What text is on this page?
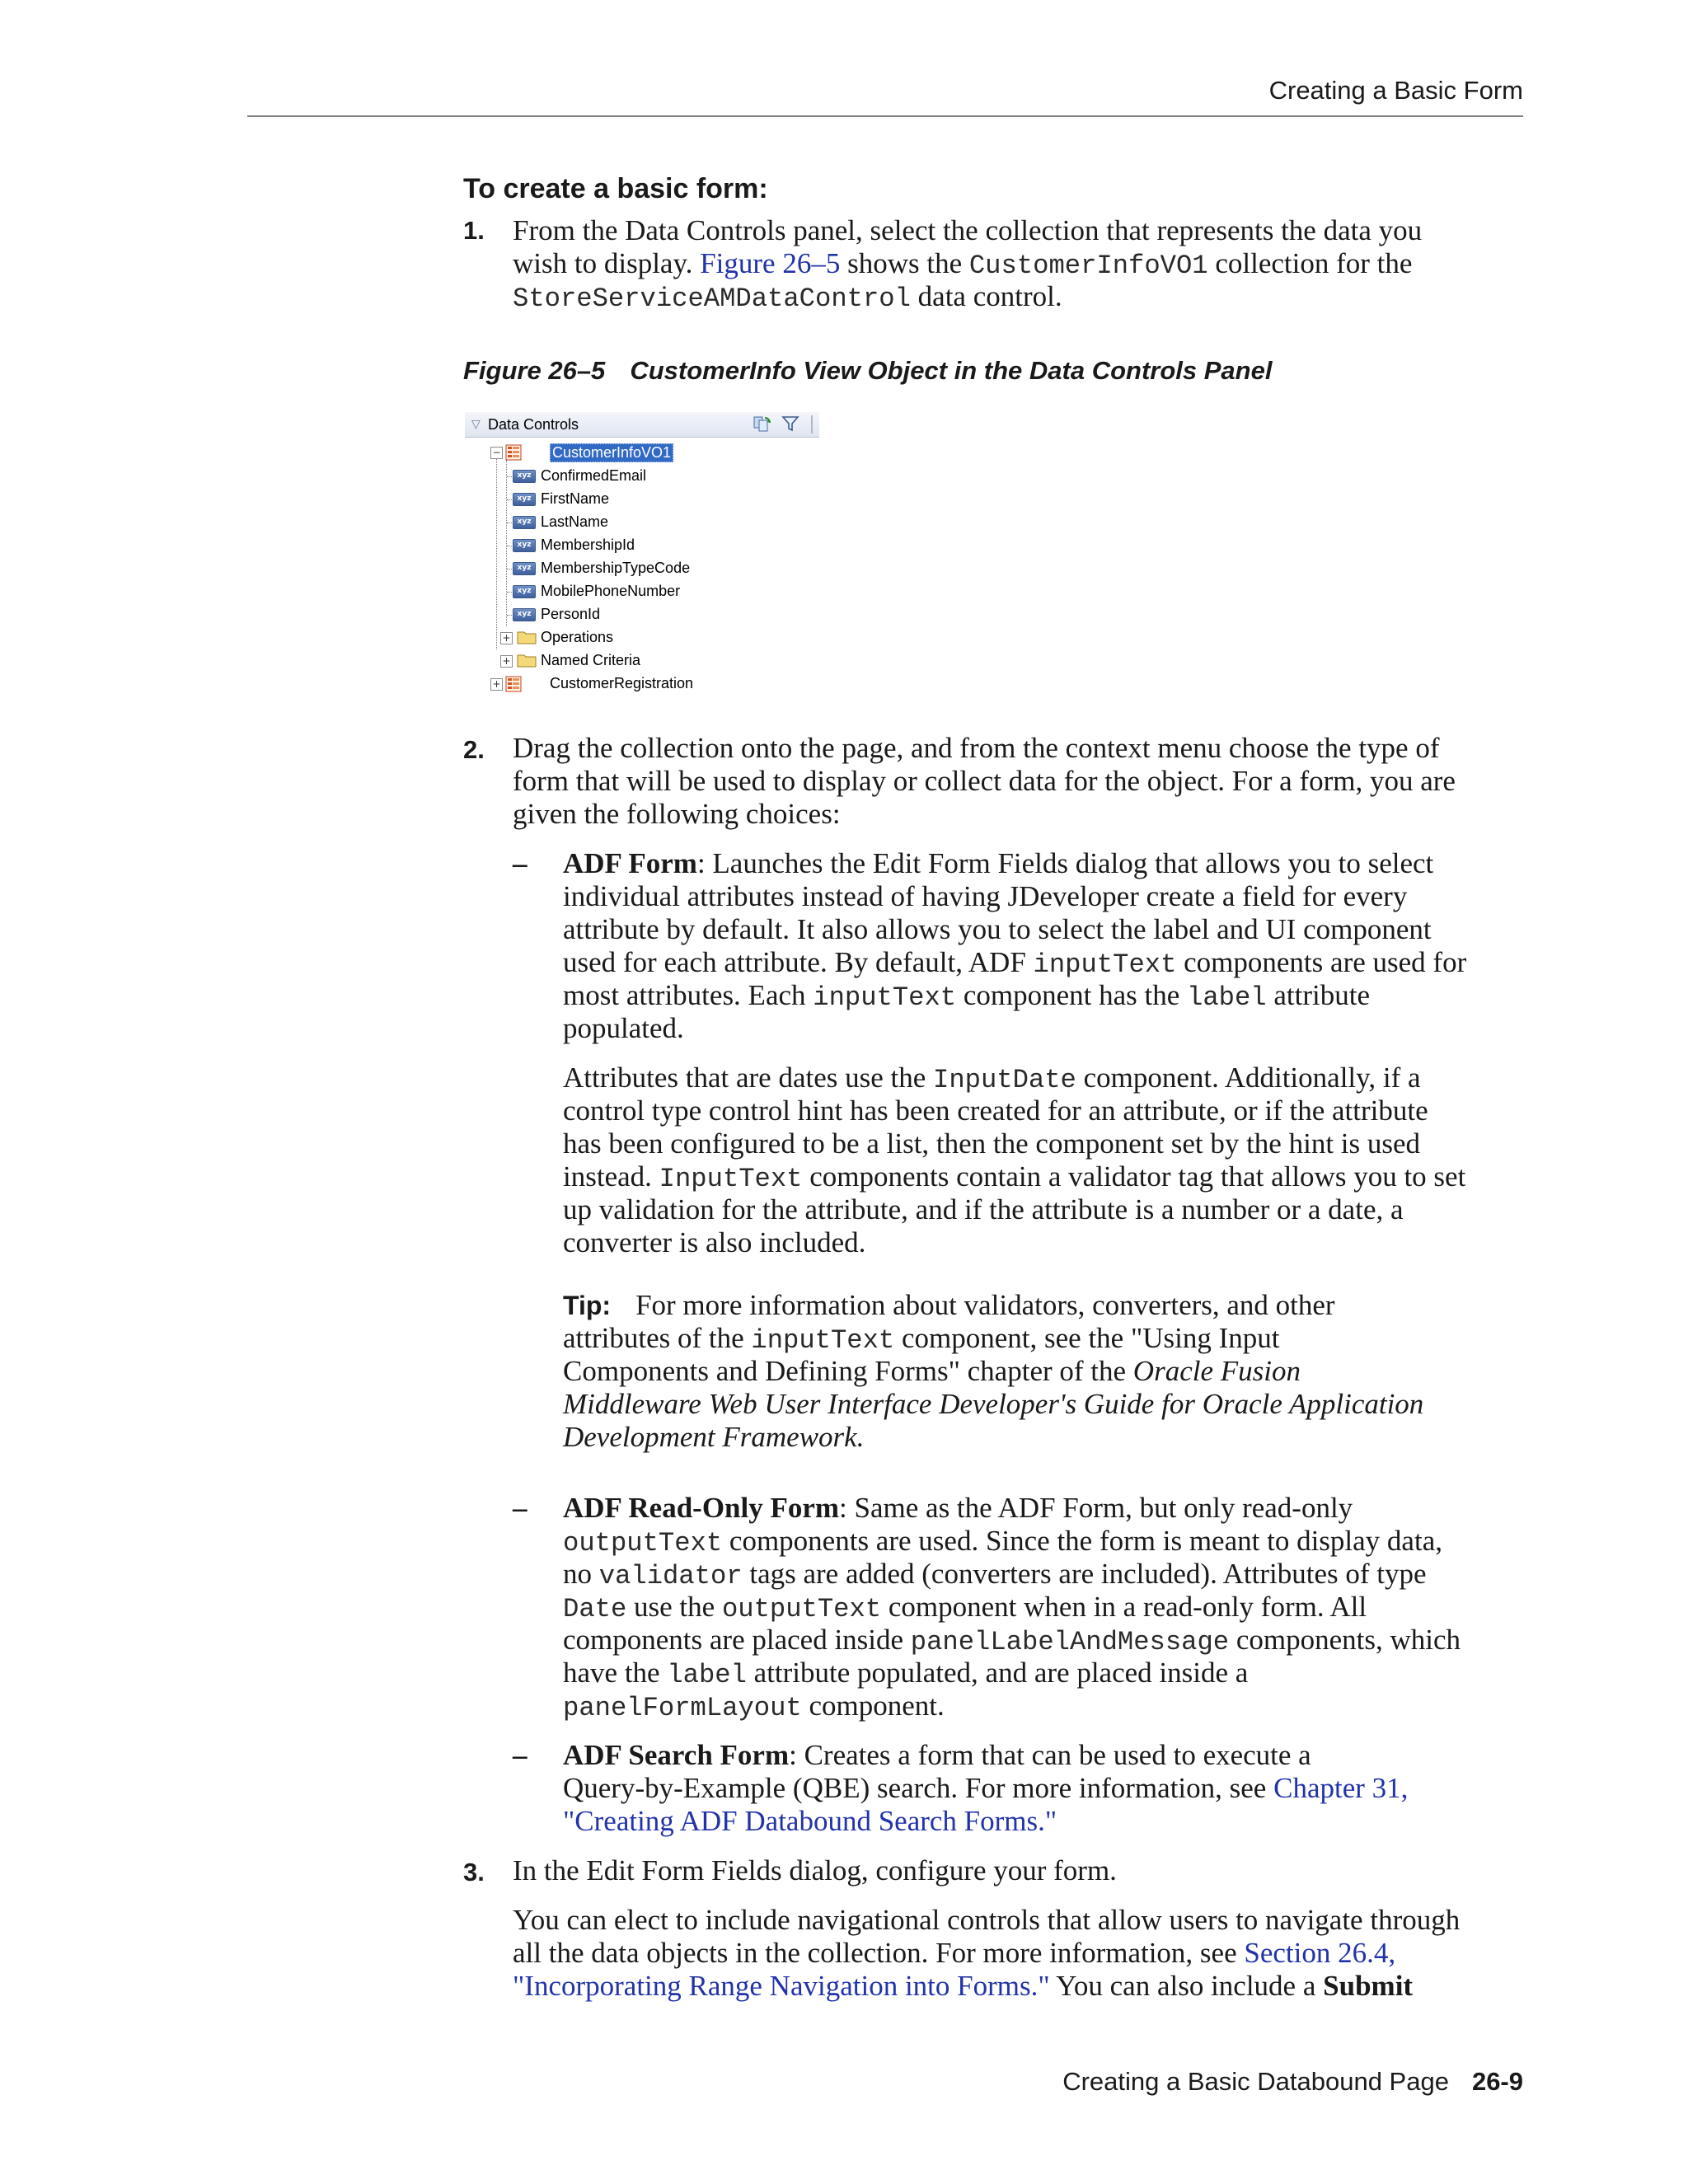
Creating a Basic Form
To create a basic form:
1. From the Data Controls panel, select the collection that represents the data you
wish to display. Figure 26–5 shows the CustomerInfoVO1 collection for the
StoreServiceAMDataControl data control.
Figure 26–5 CustomerInfo View Object in the Data Controls Panel
▽ Data Controls
−	CustomerInfoVO1
xyz ConfirmedEmail
xyz FirstName
xyz LastName
xyz MembershipId
xyz MembershipTypeCode
xyz MobilePhoneNumber
xyz PersonId
+ Operations
+ Named Criteria
+	CustomerRegistration
2. Drag the collection onto the page, and from the context menu choose the type of
form that will be used to display or collect data for the object. For a form, you are
given the following choices:
– ADF Form: Launches the Edit Form Fields dialog that allows you to select
individual attributes instead of having JDeveloper create a field for every
attribute by default. It also allows you to select the label and UI component
used for each attribute. By default, ADF inputText components are used for
most attributes. Each inputText component has the label attribute
populated.
Attributes that are dates use the InputDate component. Additionally, if a
control type control hint has been created for an attribute, or if the attribute
has been configured to be a list, then the component set by the hint is used
instead. InputText components contain a validator tag that allows you to set
up validation for the attribute, and if the attribute is a number or a date, a
converter is also included.
Tip: For more information about validators, converters, and other
attributes of the inputText component, see the "Using Input
Components and Defining Forms" chapter of the Oracle Fusion
Middleware Web User Interface Developer's Guide for Oracle Application
Development Framework.
– ADF Read-Only Form: Same as the ADF Form, but only read-only
outputText components are used. Since the form is meant to display data,
no validator tags are added (converters are included). Attributes of type
Date use the outputText component when in a read-only form. All
components are placed inside panelLabelAndMessage components, which
have the label attribute populated, and are placed inside a
panelFormLayout component.
– ADF Search Form: Creates a form that can be used to execute a
Query-by-Example (QBE) search. For more information, see Chapter 31,
"Creating ADF Databound Search Forms."
3. In the Edit Form Fields dialog, configure your form.
You can elect to include navigational controls that allow users to navigate through
all the data objects in the collection. For more information, see Section 26.4,
"Incorporating Range Navigation into Forms." You can also include a Submit
Creating a Basic Databound Page 26-9
